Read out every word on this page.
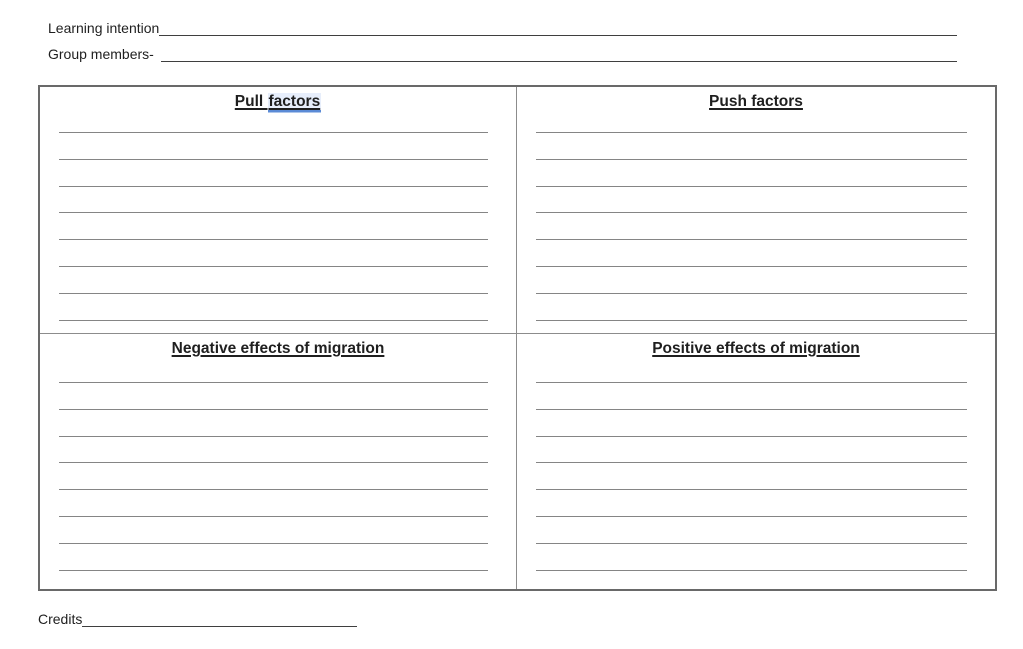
Learning intention
Group members-
Pull factors	Push factors
Negative effects of migration	Positive effects of migration
Credits
